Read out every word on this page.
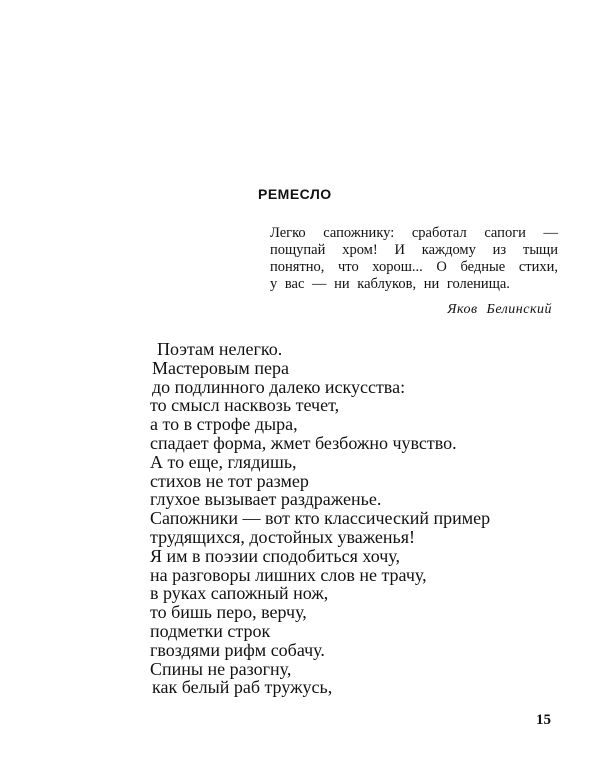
РЕМЕСЛО
Легко сапожнику: сработал сапоги —
пощупай хром! И каждому из тыщи
понятно, что хорош... О бедные стихи,
у вас — ни каблуков, ни голенища.
Яков Белинский
Поэтам нелегко.
Мастеровым пера
до подлинного далеко искусства:
то смысл насквозь течет,
а то в строфе дыра,
спадает форма, жмет безбожно чувство.
А то еще, глядишь,
стихов не тот размер
глухое вызывает раздраженье.
Сапожники — вот кто классический пример
трудящихся, достойных уваженья!
Я им в поэзии сподобиться хочу,
на разговоры лишних слов не трачу,
в руках сапожный нож,
то бишь перо, верчу,
подметки строк
гвоздями рифм собачу.
Спины не разогну,
как белый раб тружусь,
15
